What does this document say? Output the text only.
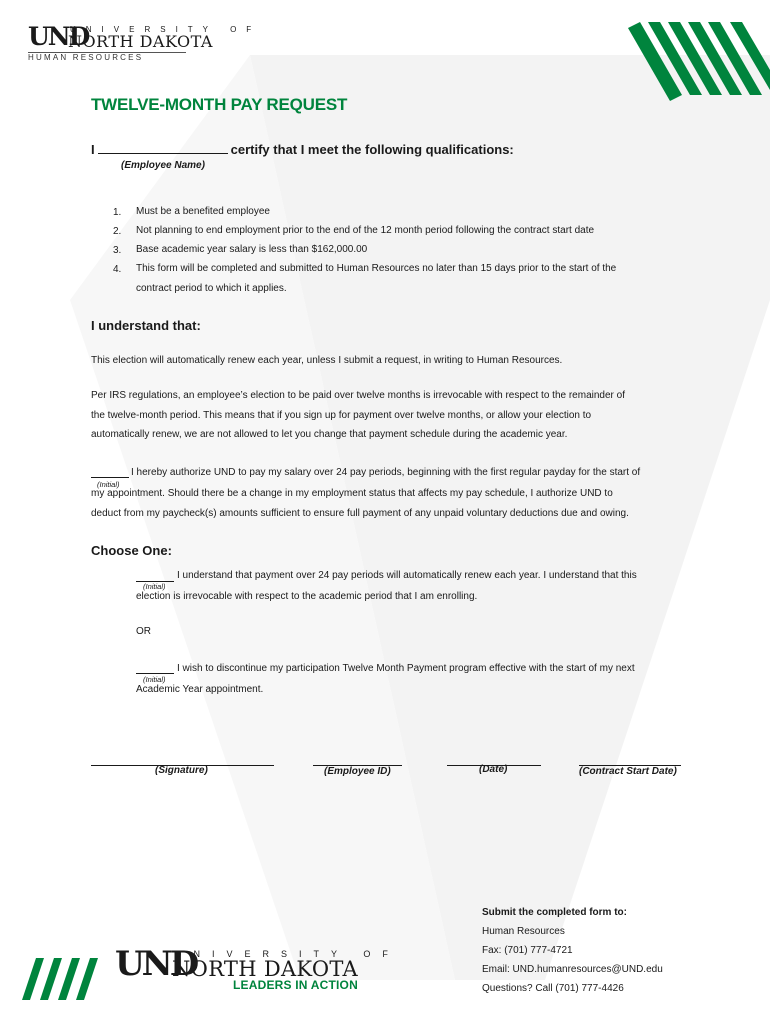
UND
UNIVERSITY OF
NORTH DAKOTA
HUMAN RESOURCES
TWELVE-MONTH PAY REQUEST
I	certify that I meet the following qualifications:
(Employee Name)
1. Must be a benefited employee
2. Not planning to end employment prior to the end of the 12 month period following the contract start date
3. Base academic year salary is less than $162,000.00
4. This form will be completed and submitted to Human Resources no later than 15 days prior to the start of the
contract period to which it applies.
I understand that:
This election will automatically renew each year, unless I submit a request, in writing to Human Resources.
Per IRS regulations, an employee’s election to be paid over twelve months is irrevocable with respect to the remainder of
the twelve-month period. This means that if you sign up for payment over twelve months, or allow your election to
automatically renew, we are not allowed to let you change that payment schedule during the academic year.
(Initial)
I hereby authorize UND to pay my salary over 24 pay periods, beginning with the first regular payday for the start of
my appointment. Should there be a change in my employment status that affects my pay schedule, I authorize UND to
deduct from my paycheck(s) amounts sufficient to ensure full payment of any unpaid voluntary deductions due and owing.
Choose One:
(Initial)
I understand that payment over 24 pay periods will automatically renew each year. I understand that this
election is irrevocable with respect to the academic period that I am enrolling.
OR
(Initial)
I wish to discontinue my participation Twelve Month Payment program effective with the start of my next
Academic Year appointment.
(Signature)	(Employee ID)	(Date)	(Contract Start Date)
Submit the completed form to:
Human Resources
Fax: (701) 777-4721
Email: UND.humanresources@UND.edu
Questions? Call (701) 777-4426
UND
UNIVERSITY OF
NORTH DAKOTA
LEADERS IN ACTION
